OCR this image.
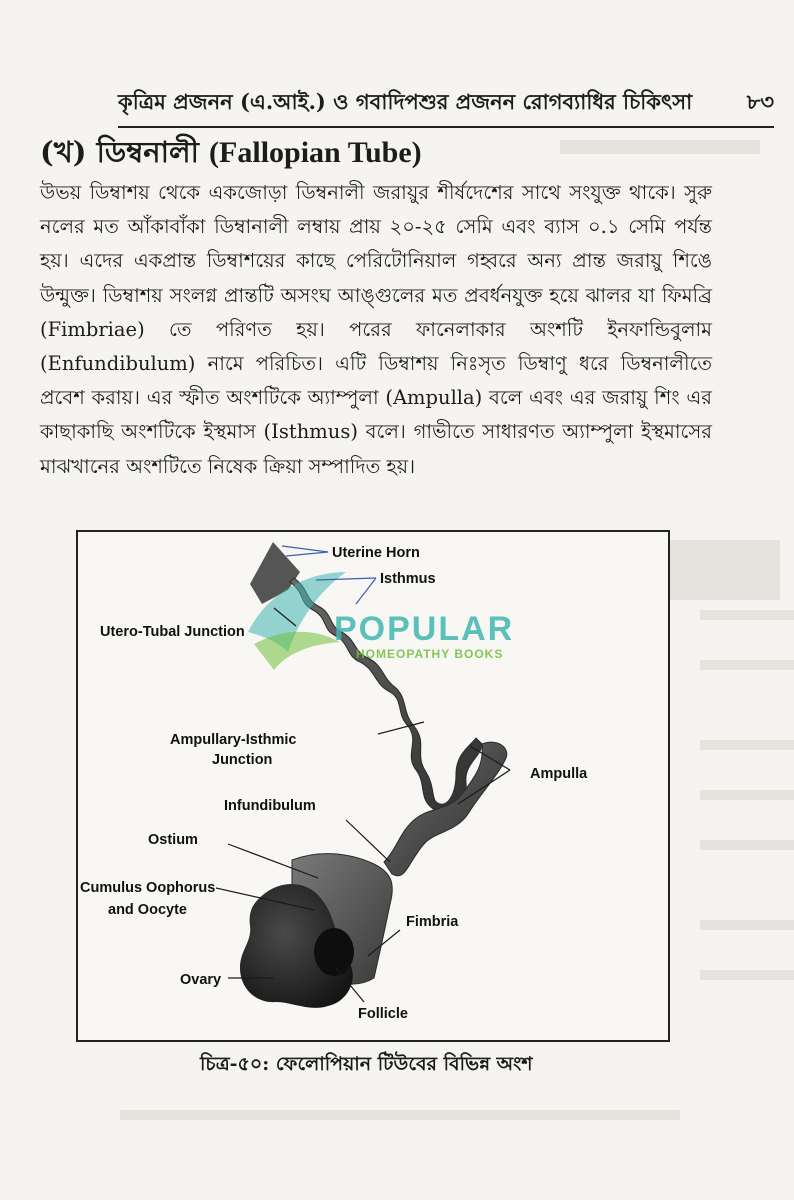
কৃত্রিম প্রজনন (এ.আই.) ও গবাদিপশুর প্রজনন রোগব্যাধির চিকিৎসা	৮৩
(খ) ডিম্বনালী (Fallopian Tube)
উভয় ডিম্বাশয় থেকে একজোড়া ডিম্বনালী জরায়ুর শীর্ষদেশের সাথে সংযুক্ত থাকে। সুরু নলের মত আঁকাবাঁকা ডিম্বানালী লম্বায় প্রায় ২০-২৫ সেমি এবং ব্যাস ০.১ সেমি পর্যন্ত হয়। এদের একপ্রান্ত ডিম্বাশয়ের কাছে পেরিটোনিয়াল গহ্বরে অন্য প্রান্ত জরায়ু শিঙে উন্মুক্ত। ডিম্বাশয় সংলগ্ন প্রান্তটি অসংঘ আঙ্গুলের মত প্রবর্ধনযুক্ত হয়ে ঝালর যা ফিমব্রি (Fimbriae) তে পরিণত হয়। পরের ফানেলাকার অংশটি ইনফান্ডিবুলাম (Enfundibulum) নামে পরিচিত। এটি ডিম্বাশয় নিঃসৃত ডিম্বাণু ধরে ডিম্বনালীতে প্রবেশ করায়। এর স্ফীত অংশটিকে অ্যাম্পুলা (Ampulla) বলে এবং এর জরায়ু শিং এর কাছাকাছি অংশটিকে ইস্থমাস (Isthmus) বলে। গাভীতে সাধারণত অ্যাম্পুলা ইস্থমাসের মাঝখানের অংশটিতে নিষেক ক্রিয়া সম্পাদিত হয়।
POPULAR
HOMEOPATHY BOOKS
Uterine Horn
Isthmus
Utero-Tubal Junction
Ampullary-Isthmic
Junction
Ampulla
Infundibulum
Ostium
Cumulus Oophorus
and Oocyte
Fimbria
Ovary
Follicle
চিত্র-৫০: ফেলোপিয়ান টিউবের বিভিন্ন অংশ
